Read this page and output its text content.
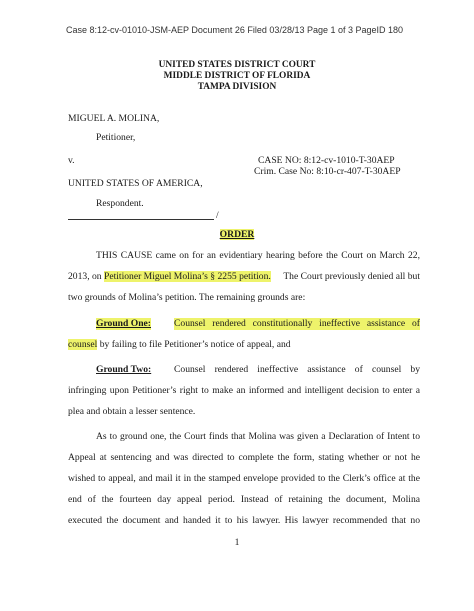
Case 8:12-cv-01010-JSM-AEP Document 26 Filed 03/28/13 Page 1 of 3 PageID 180
UNITED STATES DISTRICT COURT
MIDDLE DISTRICT OF FLORIDA
TAMPA DIVISION
MIGUEL A. MOLINA,
Petitioner,
v.	CASE NO: 8:12-cv-1010-T-30AEP
Crim. Case No: 8:10-cr-407-T-30AEP
UNITED STATES OF AMERICA,
Respondent.
/
ORDER
THIS CAUSE came on for an evidentiary hearing before the Court on March 22,
2013, on Petitioner Miguel Molina’s § 2255 petition. The Court previously denied all but
two grounds of Molina’s petition. The remaining grounds are:
Ground One: Counsel rendered constitutionally ineffective assistance of
counsel by failing to file Petitioner’s notice of appeal, and
Ground Two: Counsel rendered ineffective assistance of counsel by
infringing upon Petitioner’s right to make an informed and intelligent decision to enter a
plea and obtain a lesser sentence.
As to ground one, the Court finds that Molina was given a Declaration of Intent to
Appeal at sentencing and was directed to complete the form, stating whether or not he
wished to appeal, and mail it in the stamped envelope provided to the Clerk’s office at the
end of the fourteen day appeal period. Instead of retaining the document, Molina
executed the document and handed it to his lawyer. His lawyer recommended that no
1
